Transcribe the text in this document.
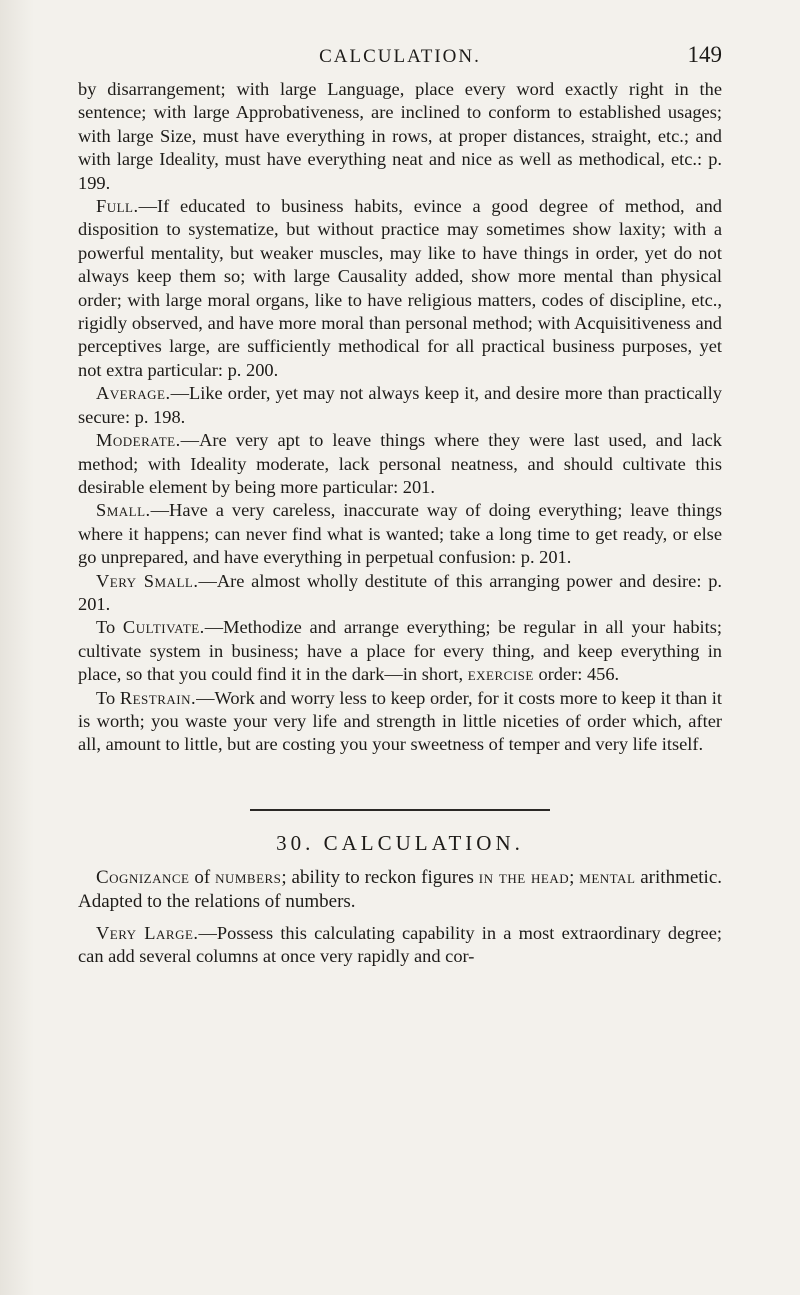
CALCULATION.	149

by disarrangement; with large Language, place every word exactly right in the sentence; with large Approbativeness, are inclined to conform to established usages; with large Size, must have everything in rows, at proper distances, straight, etc.; and with large Ideality, must have everything neat and nice as well as methodical, etc.: p. 199.

Full.—If educated to business habits, evince a good degree of method, and disposition to systematize, but without practice may sometimes show laxity; with a powerful mentality, but weaker muscles, may like to have things in order, yet do not always keep them so; with large Causality added, show more mental than physical order; with large moral organs, like to have religious matters, codes of discipline, etc., rigidly observed, and have more moral than personal method; with Acquisitiveness and perceptives large, are sufficiently methodical for all practical business purposes, yet not extra particular: p. 200.

Average.—Like order, yet may not always keep it, and desire more than practically secure: p. 198.

Moderate.—Are very apt to leave things where they were last used, and lack method; with Ideality moderate, lack personal neatness, and should cultivate this desirable element by being more particular: 201.

Small.—Have a very careless, inaccurate way of doing everything; leave things where it happens; can never find what is wanted; take a long time to get ready, or else go unprepared, and have everything in perpetual confusion: p. 201.

Very Small.—Are almost wholly destitute of this arranging power and desire: p. 201.

To Cultivate.—Methodize and arrange everything; be regular in all your habits; cultivate system in business; have a place for every thing, and keep everything in place, so that you could find it in the dark—in short, exercise order: 456.

To Restrain.—Work and worry less to keep order, for it costs more to keep it than it is worth; you waste your very life and strength in little niceties of order which, after all, amount to little, but are costing you your sweetness of temper and very life itself.

30. CALCULATION.

Cognizance of numbers; ability to reckon figures in the head; mental arithmetic. Adapted to the relations of numbers.

Very Large.—Possess this calculating capability in a most extraordinary degree; can add several columns at once very rapidly and cor-
